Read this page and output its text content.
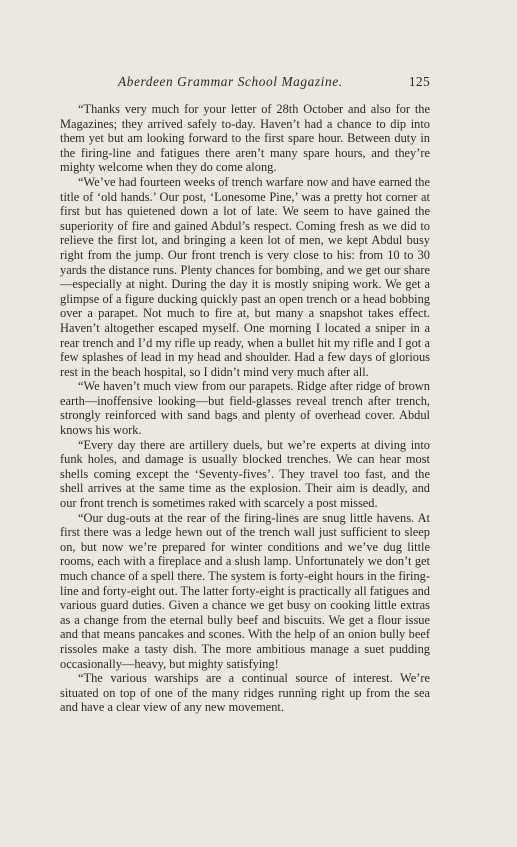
Aberdeen Grammar School Magazine.	125

“Thanks very much for your letter of 28th October and also for the Magazines; they arrived safely to-day. Haven’t had a chance to dip into them yet but am looking forward to the first spare hour. Between duty in the firing-line and fatigues there aren’t many spare hours, and they’re mighty welcome when they do come along.

“We’ve had fourteen weeks of trench warfare now and have earned the title of ‘old hands.’ Our post, ‘Lonesome Pine,’ was a pretty hot corner at first but has quietened down a lot of late. We seem to have gained the superiority of fire and gained Abdul’s respect. Coming fresh as we did to relieve the first lot, and bringing a keen lot of men, we kept Abdul busy right from the jump. Our front trench is very close to his: from 10 to 30 yards the distance runs. Plenty chances for bombing, and we get our share—especially at night. During the day it is mostly sniping work. We get a glimpse of a figure ducking quickly past an open trench or a head bobbing over a parapet. Not much to fire at, but many a snapshot takes effect. Haven’t altogether escaped myself. One morning I located a sniper in a rear trench and I’d my rifle up ready, when a bullet hit my rifle and I got a few splashes of lead in my head and shoulder. Had a few days of glorious rest in the beach hospital, so I didn’t mind very much after all.

“We haven’t much view from our parapets. Ridge after ridge of brown earth—inoffensive looking—but field-glasses reveal trench after trench, strongly reinforced with sand bags and plenty of overhead cover. Abdul knows his work.

“Every day there are artillery duels, but we’re experts at diving into funk holes, and damage is usually blocked trenches. We can hear most shells coming except the ‘Seventy-fives’. They travel too fast, and the shell arrives at the same time as the explosion. Their aim is deadly, and our front trench is sometimes raked with scarcely a post missed.

“Our dug-outs at the rear of the firing-lines are snug little havens. At first there was a ledge hewn out of the trench wall just sufficient to sleep on, but now we’re prepared for winter conditions and we’ve dug little rooms, each with a fireplace and a slush lamp. Unfortunately we don’t get much chance of a spell there. The system is forty-eight hours in the firing-line and forty-eight out. The latter forty-eight is practically all fatigues and various guard duties. Given a chance we get busy on cooking little extras as a change from the eternal bully beef and biscuits. We get a flour issue and that means pancakes and scones. With the help of an onion bully beef rissoles make a tasty dish. The more ambitious manage a suet pudding occasionally—heavy, but mighty satisfying!

“The various warships are a continual source of interest. We’re situated on top of one of the many ridges running right up from the sea and have a clear view of any new movement.
